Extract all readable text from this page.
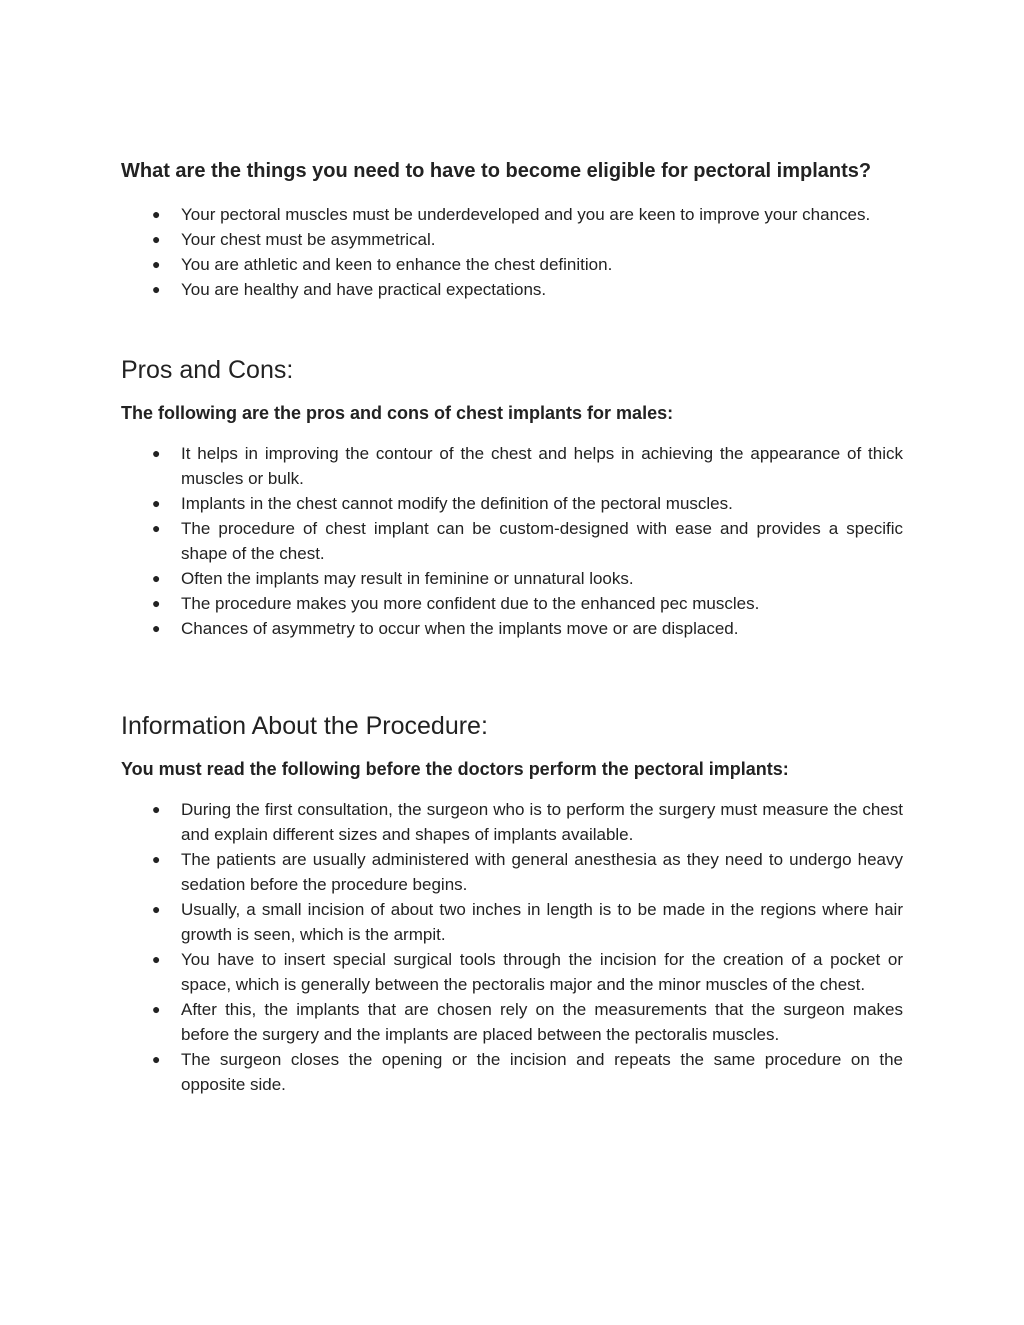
What are the things you need to have to become eligible for pectoral implants?
● Your pectoral muscles must be underdeveloped and you are keen to improve your chances.
● Your chest must be asymmetrical.
● You are athletic and keen to enhance the chest definition.
● You are healthy and have practical expectations.
Pros and Cons:
The following are the pros and cons of chest implants for males:
● It helps in improving the contour of the chest and helps in achieving the appearance of thick muscles or bulk.
● Implants in the chest cannot modify the definition of the pectoral muscles.
● The procedure of chest implant can be custom-designed with ease and provides a specific shape of the chest.
● Often the implants may result in feminine or unnatural looks.
● The procedure makes you more confident due to the enhanced pec muscles.
● Chances of asymmetry to occur when the implants move or are displaced.
Information About the Procedure:
You must read the following before the doctors perform the pectoral implants:
● During the first consultation, the surgeon who is to perform the surgery must measure the chest and explain different sizes and shapes of implants available.
● The patients are usually administered with general anesthesia as they need to undergo heavy sedation before the procedure begins.
● Usually, a small incision of about two inches in length is to be made in the regions where hair growth is seen, which is the armpit.
● You have to insert special surgical tools through the incision for the creation of a pocket or space, which is generally between the pectoralis major and the minor muscles of the chest.
● After this, the implants that are chosen rely on the measurements that the surgeon makes before the surgery and the implants are placed between the pectoralis muscles.
● The surgeon closes the opening or the incision and repeats the same procedure on the opposite side.
